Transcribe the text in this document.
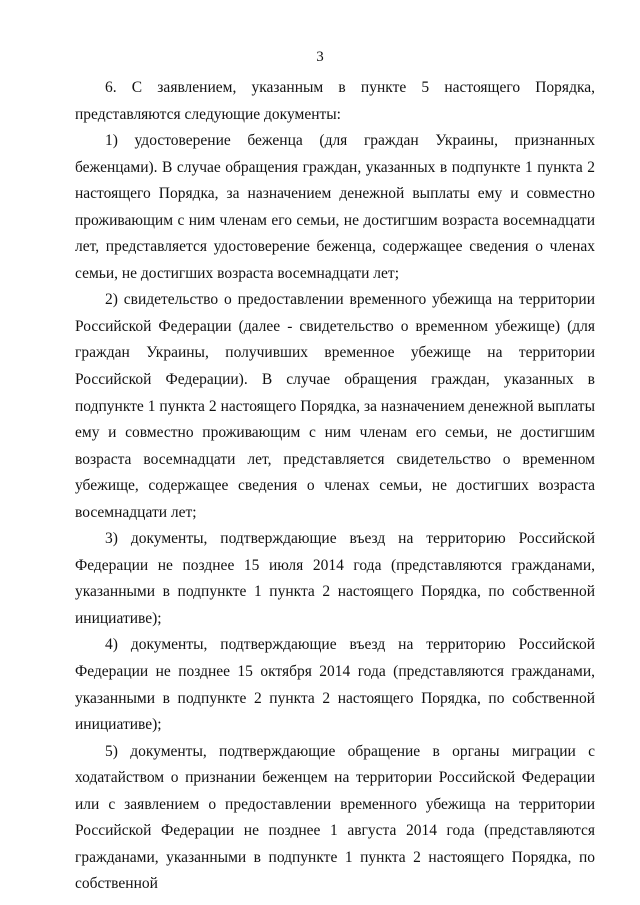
3

6. С заявлением, указанным в пункте 5 настоящего Порядка, представляются следующие документы:

1) удостоверение беженца (для граждан Украины, признанных беженцами). В случае обращения граждан, указанных в подпункте 1 пункта 2 настоящего Порядка, за назначением денежной выплаты ему и совместно проживающим с ним членам его семьи, не достигшим возраста восемнадцати лет, представляется удостоверение беженца, содержащее сведения о членах семьи, не достигших возраста восемнадцати лет;

2) свидетельство о предоставлении временного убежища на территории Российской Федерации (далее - свидетельство о временном убежище) (для граждан Украины, получивших временное убежище на территории Российской Федерации). В случае обращения граждан, указанных в подпункте 1 пункта 2 настоящего Порядка, за назначением денежной выплаты ему и совместно проживающим с ним членам его семьи, не достигшим возраста восемнадцати лет, представляется свидетельство о временном убежище, содержащее сведения о членах семьи, не достигших возраста восемнадцати лет;

3) документы, подтверждающие въезд на территорию Российской Федерации не позднее 15 июля 2014 года (представляются гражданами, указанными в подпункте 1 пункта 2 настоящего Порядка, по собственной инициативе);

4) документы, подтверждающие въезд на территорию Российской Федерации не позднее 15 октября 2014 года (представляются гражданами, указанными в подпункте 2 пункта 2 настоящего Порядка, по собственной инициативе);

5) документы, подтверждающие обращение в органы миграции с ходатайством о признании беженцем на территории Российской Федерации или с заявлением о предоставлении временного убежища на территории Российской Федерации не позднее 1 августа 2014 года (представляются гражданами, указанными в подпункте 1 пункта 2 настоящего Порядка, по собственной
